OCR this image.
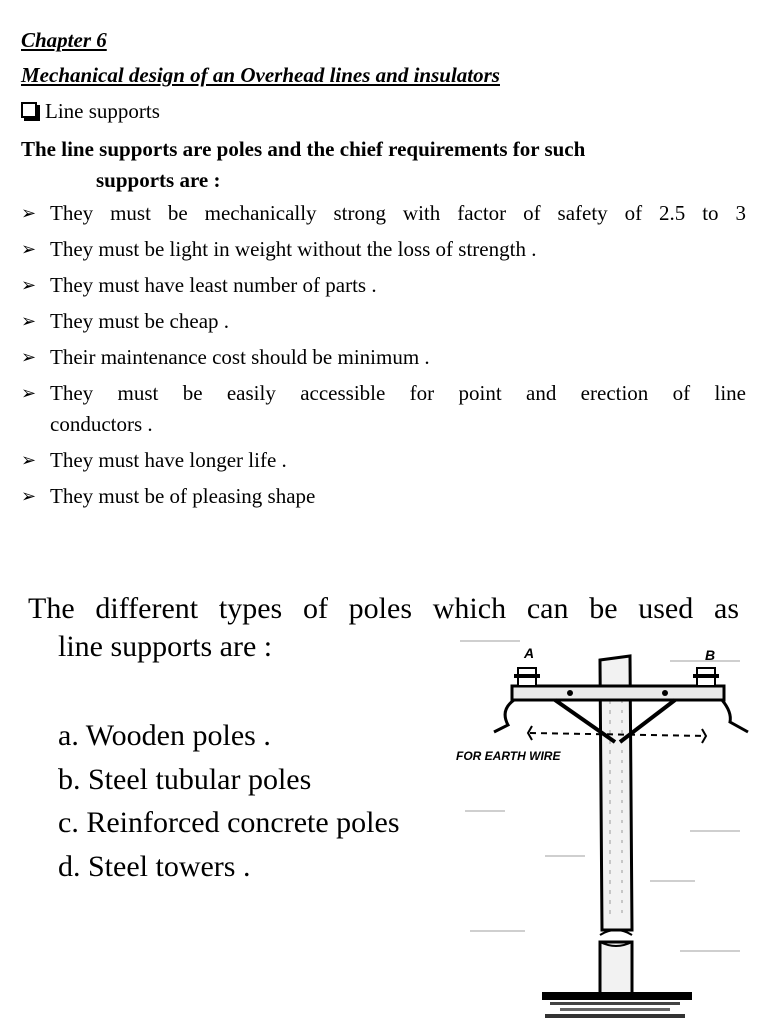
Chapter 6
Mechanical design of an Overhead lines and insulators
Line supports
The line supports are poles and the chief requirements for such
supports are :
➢ They must be mechanically strong with factor of safety of 2.5 to 3
➢ They must be light in weight without the loss of strength .
➢ They must have least number of parts .
➢ They must be cheap .
➢ Their maintenance cost should be minimum .
➢ They must be easily accessible for point and erection of line
conductors .
➢ They must have longer life .
➢ They must be of pleasing shape
The different types of poles which can be used as
line supports are :
a. Wooden poles .
b. Steel tubular poles
c. Reinforced concrete poles
d. Steel towers .
A	B
FOR EARTH WIRE
